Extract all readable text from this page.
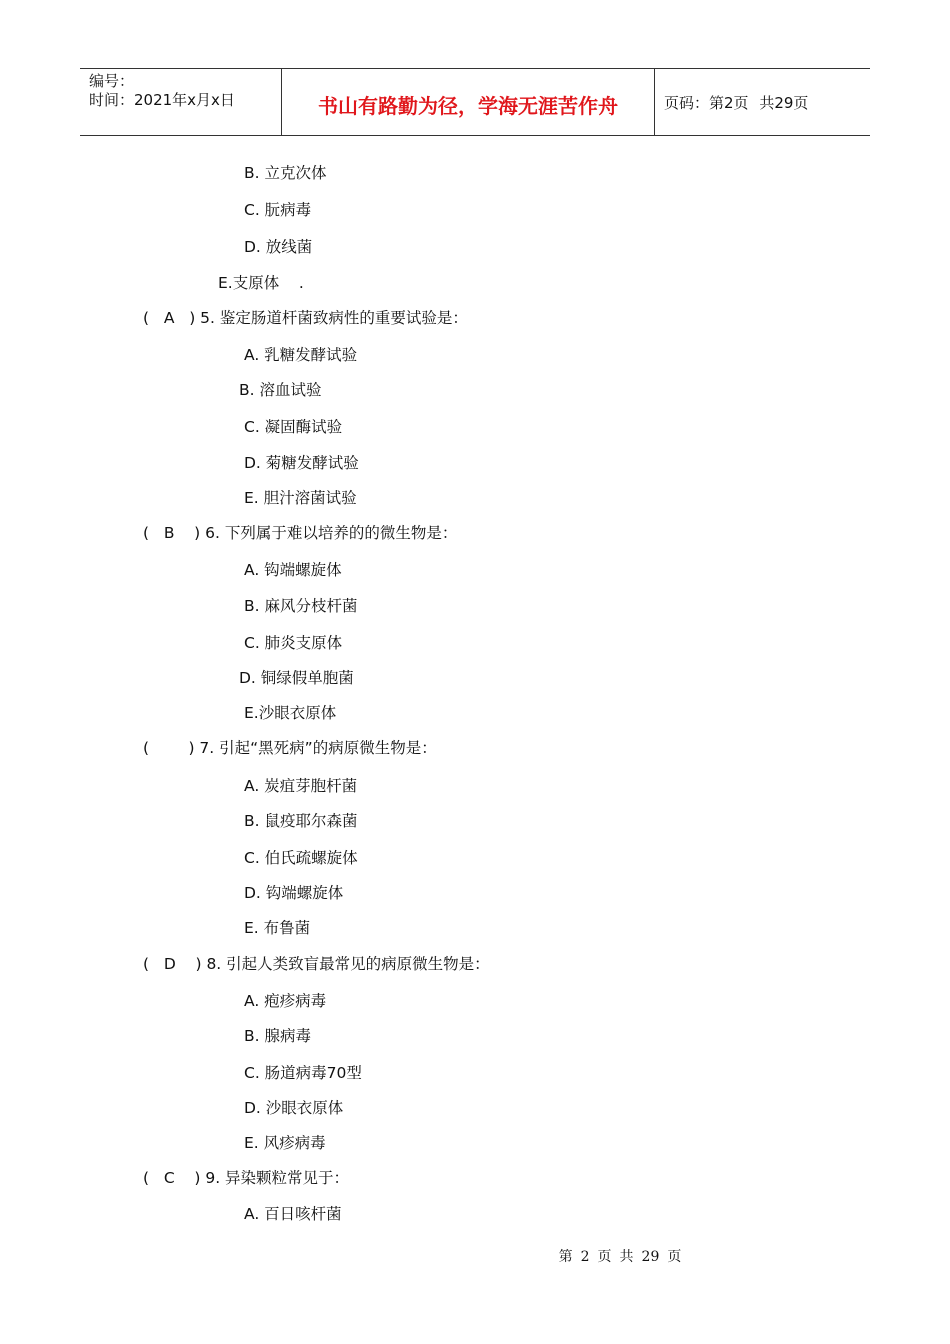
编号：
时间：2021年x月x日	书山有路勤为径，学海无涯苦作舟	页码：第2页 共29页
B. 立克次体
C. 朊病毒
D. 放线菌
E.支原体    .
(   A   ) 5. 鉴定肠道杆菌致病性的重要试验是：
A. 乳糖发酵试验
B. 溶血试验
C. 凝固酶试验
D. 菊糖发酵试验
E. 胆汁溶菌试验
(   B    ) 6. 下列属于难以培养的的微生物是：
A. 钩端螺旋体
B. 麻风分枝杆菌
C. 肺炎支原体
D. 铜绿假单胞菌
E.沙眼衣原体
(        ) 7. 引起“黑死病”的病原微生物是：
A. 炭疽芽胞杆菌
B. 鼠疫耶尔森菌
C. 伯氏疏螺旋体
D. 钩端螺旋体
E. 布鲁菌
(   D    ) 8. 引起人类致盲最常见的病原微生物是：
A. 疱疹病毒
B. 腺病毒
C. 肠道病毒70型
D. 沙眼衣原体
E. 风疹病毒
(   C    ) 9. 异染颗粒常见于：
A. 百日咳杆菌
第 2 页 共 29 页
